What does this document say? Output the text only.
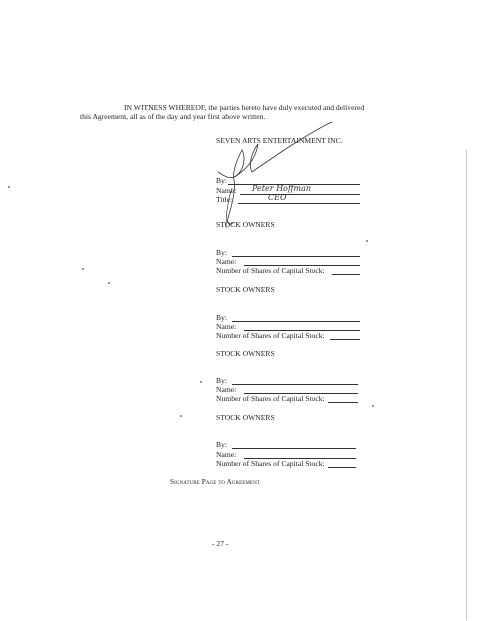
IN WITNESS WHEREOF, the parties hereto have duly executed and delivered
this Agreement, all as of the day and year first above written.
SEVEN ARTS ENTERTAINMENT INC.
By:
Name: Peter Hoffman
Title:	CEO
STOCK OWNERS
By:
Name:
Number of Shares of Capital Stock:
STOCK OWNERS
By:
Name:
Number of Shares of Capital Stock:
STOCK OWNERS
By:
Name:
Number of Shares of Capital Stock:
STOCK OWNERS
By:
Name:
Number of Shares of Capital Stock:
Signature Page to Agreement
- 27 -
